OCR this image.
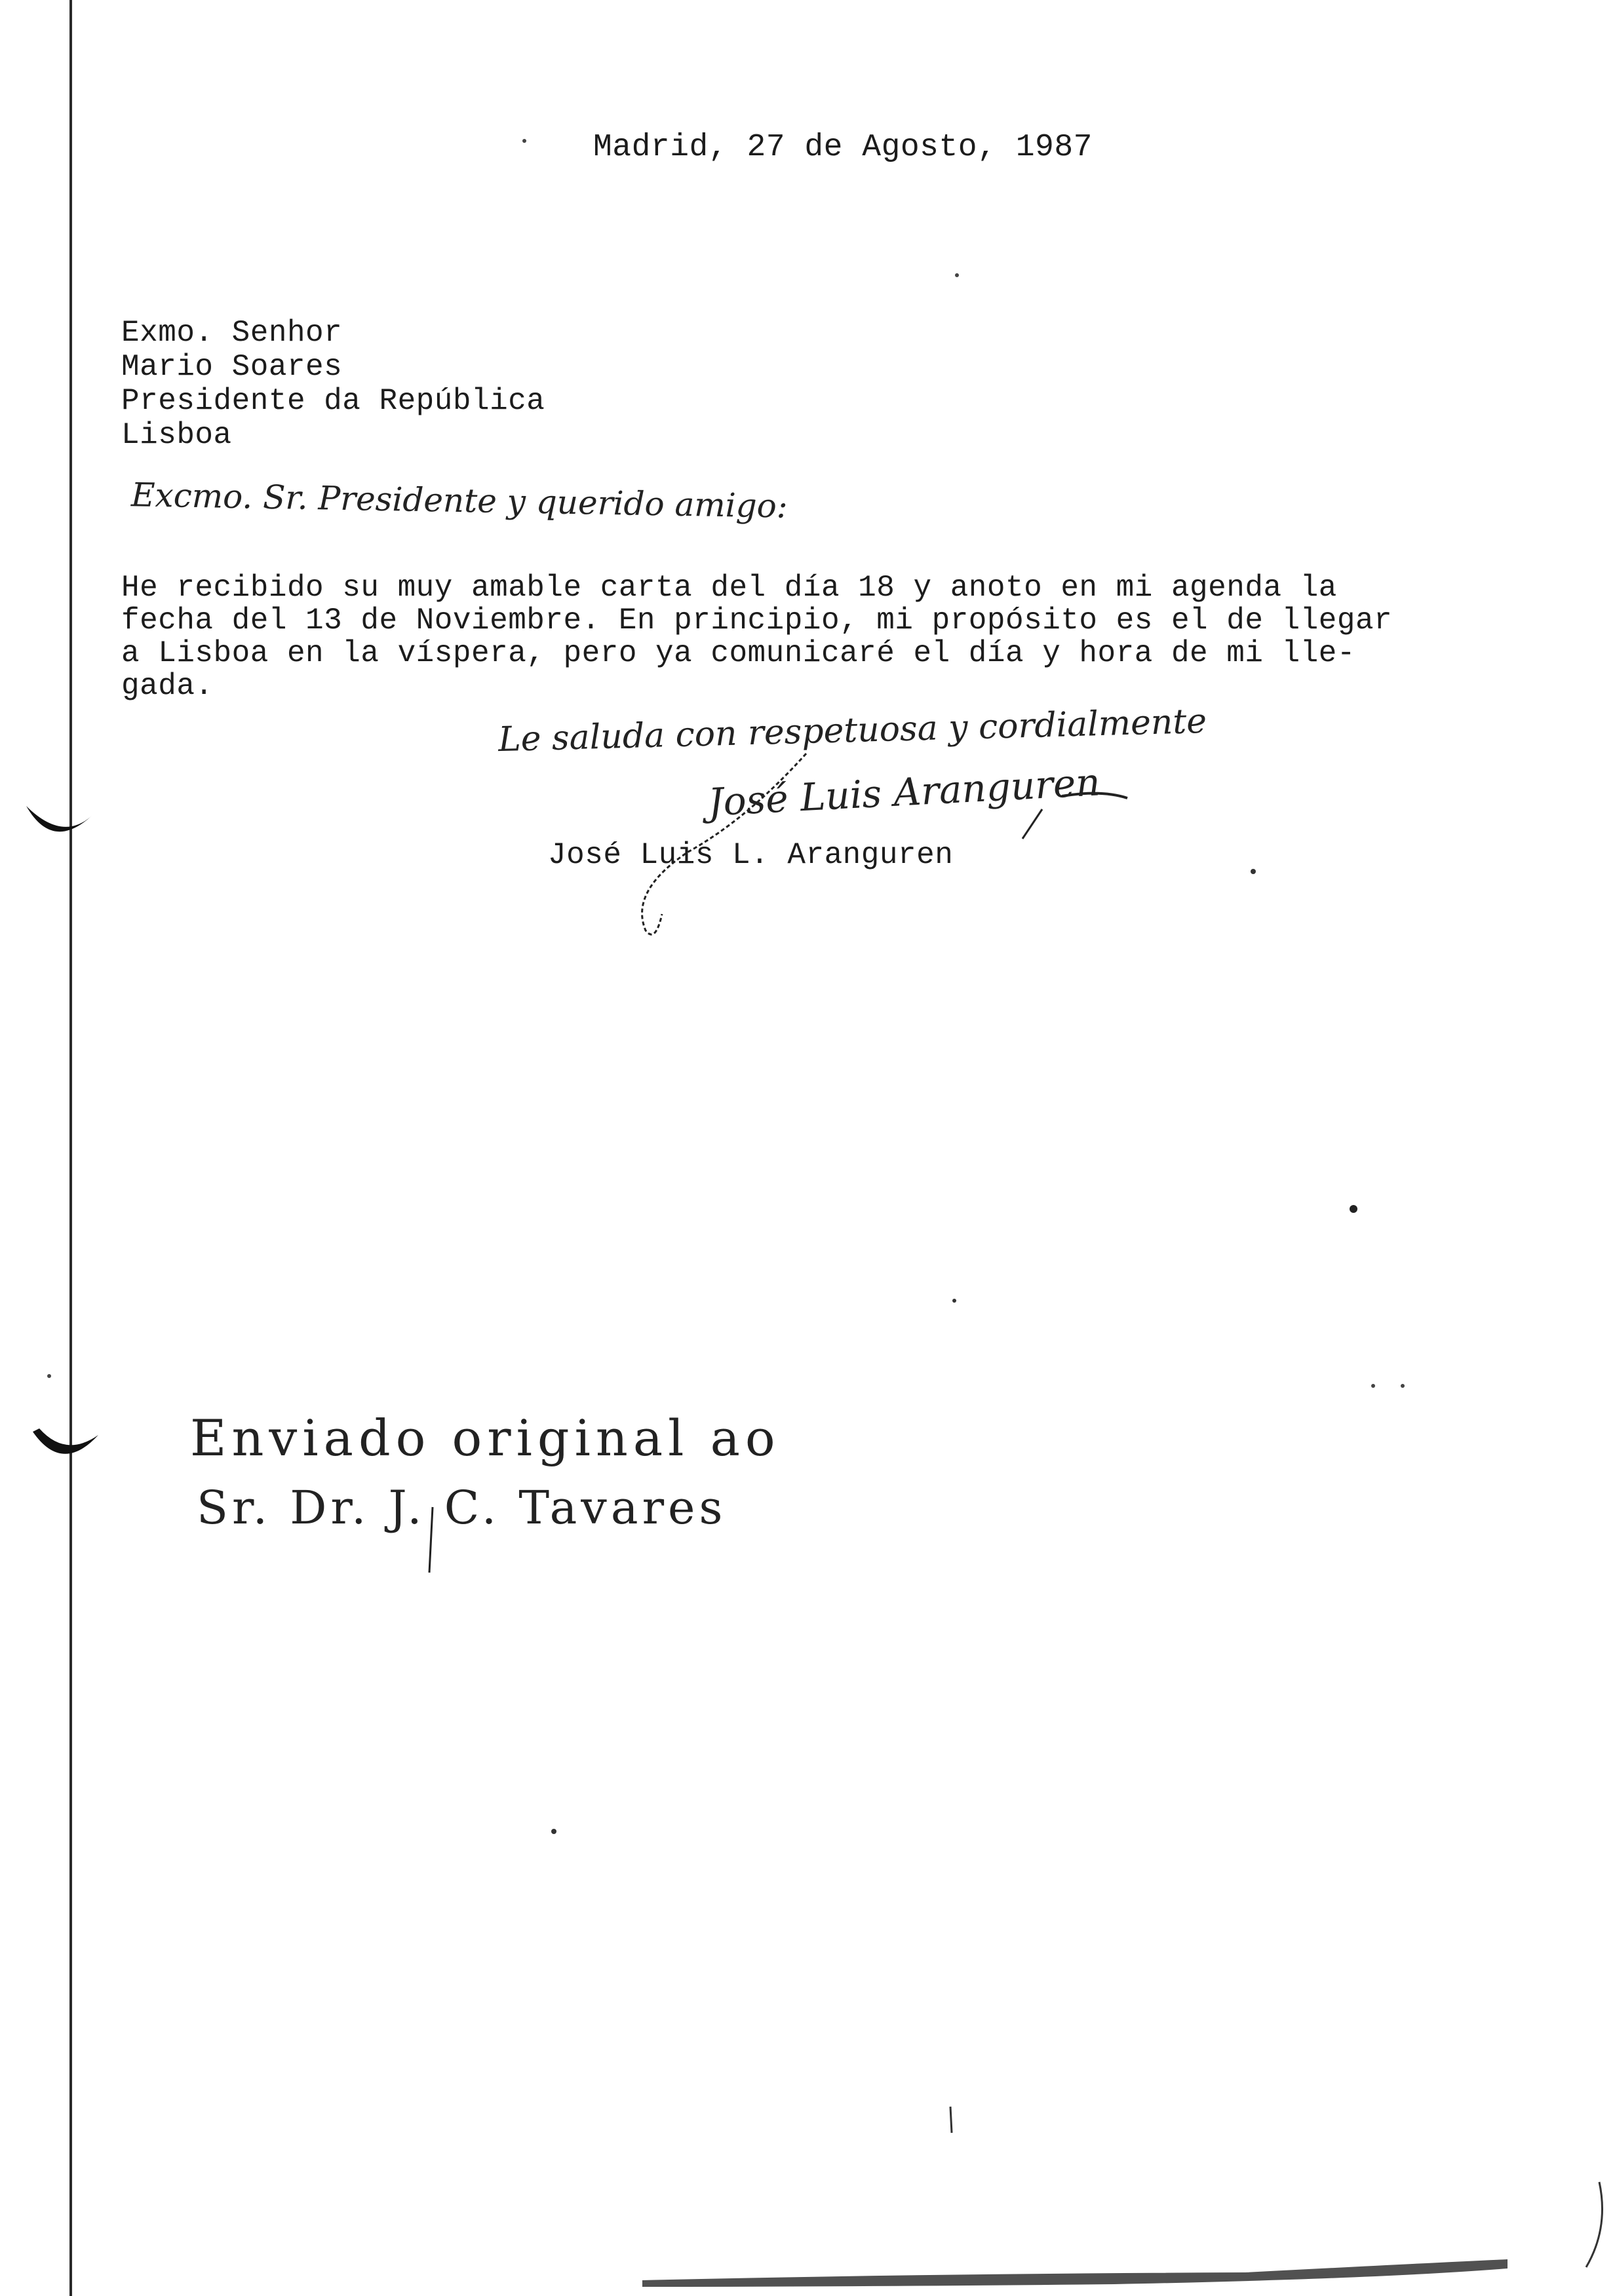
Madrid, 27 de Agosto, 1987
Exmo. Senhor
Mario Soares
Presidente da República
Lisboa
Excmo. Sr. Presidente y querido amigo:
He recibido su muy amable carta del día 18 y anoto en mi agenda la
fecha del 13 de Noviembre. En principio, mi propósito es el de llegar
a Lisboa en la víspera, pero ya comunicaré el día y hora de mi lle-
gada.
Le saluda con respetuosa y cordialmente
José Luis Aranguren
José Luis L. Aranguren
Enviado original ao
Sr. Dr. J. C. Tavares
